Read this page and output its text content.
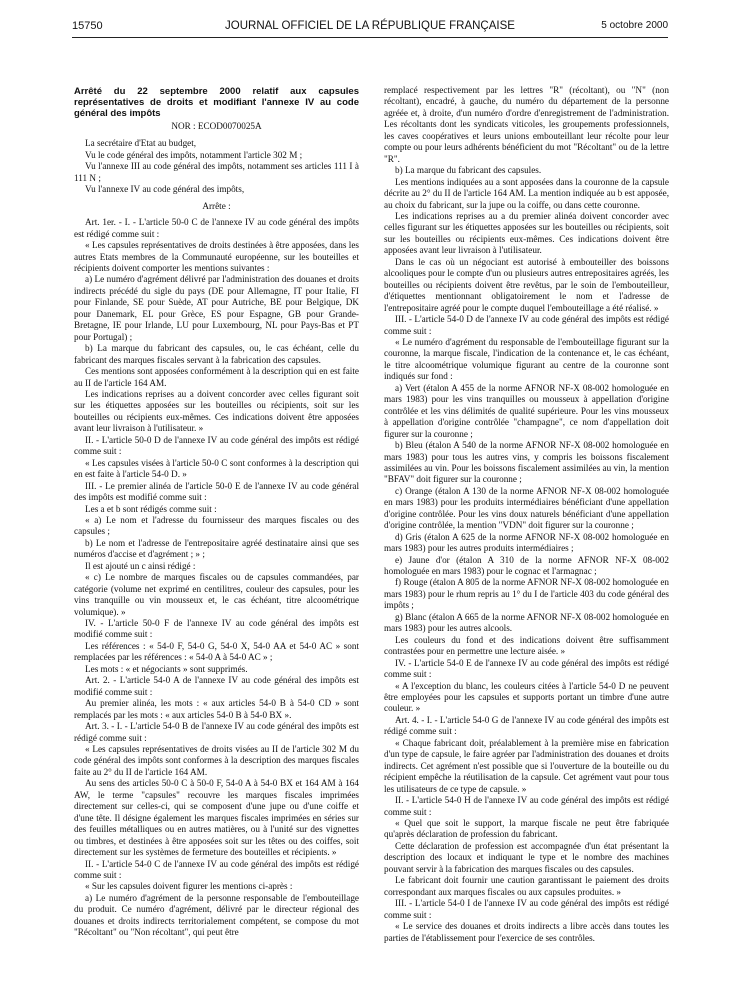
15750	JOURNAL OFFICIEL DE LA RÉPUBLIQUE FRANÇAISE	5 octobre 2000

Arrêté du 22 septembre 2000 relatif aux capsules représentatives de droits et modifiant l'annexe IV au code général des impôts

NOR : ECOD0070025A

La secrétaire d'Etat au budget,

Vu le code général des impôts, notamment l'article 302 M ;

Vu l'annexe III au code général des impôts, notamment ses articles 111 I à 111 N ;

Vu l'annexe IV au code général des impôts,

Arrête :

Art. 1er. - I. - L'article 50-0 C de l'annexe IV au code général des impôts est rédigé comme suit :

« Les capsules représentatives de droits destinées à être apposées, dans les autres Etats membres de la Communauté européenne, sur les bouteilles et récipients doivent comporter les mentions suivantes :

a) Le numéro d'agrément délivré par l'administration des douanes et droits indirects précédé du sigle du pays (DE pour Allemagne, IT pour Italie, FI pour Finlande, SE pour Suède, AT pour Autriche, BE pour Belgique, DK pour Danemark, EL pour Grèce, ES pour Espagne, GB pour Grande-Bretagne, IE pour Irlande, LU pour Luxembourg, NL pour Pays-Bas et PT pour Portugal) ;

b) La marque du fabricant des capsules, ou, le cas échéant, celle du fabricant des marques fiscales servant à la fabrication des capsules.

Ces mentions sont apposées conformément à la description qui en est faite au II de l'article 164 AM.

Les indications reprises au a doivent concorder avec celles figurant soit sur les étiquettes apposées sur les bouteilles ou récipients, soit sur les bouteilles ou récipients eux-mêmes. Ces indications doivent être apposées avant leur livraison à l'utilisateur. »

II. - L'article 50-0 D de l'annexe IV au code général des impôts est rédigé comme suit :

« Les capsules visées à l'article 50-0 C sont conformes à la description qui en est faite à l'article 54-0 D. »

III. - Le premier alinéa de l'article 50-0 E de l'annexe IV au code général des impôts est modifié comme suit :

Les a et b sont rédigés comme suit :

« a) Le nom et l'adresse du fournisseur des marques fiscales ou des capsules ;

b) Le nom et l'adresse de l'entrepositaire agréé destinataire ainsi que ses numéros d'accise et d'agrément ; » ;

Il est ajouté un c ainsi rédigé :

« c) Le nombre de marques fiscales ou de capsules commandées, par catégorie (volume net exprimé en centilitres, couleur des capsules, pour les vins tranquille ou vin mousseux et, le cas échéant, titre alcoométrique volumique). »

IV. - L'article 50-0 F de l'annexe IV au code général des impôts est modifié comme suit :

Les références : « 54-0 F, 54-0 G, 54-0 X, 54-0 AA et 54-0 AC » sont remplacées par les références : « 54-0 A à 54-0 AC » ;

Les mots : « et négociants » sont supprimés.

Art. 2. - L'article 54-0 A de l'annexe IV au code général des impôts est modifié comme suit :

Au premier alinéa, les mots : « aux articles 54-0 B à 54-0 CD » sont remplacés par les mots : « aux articles 54-0 B à 54-0 BX ».

Art. 3. - I. - L'article 54-0 B de l'annexe IV au code général des impôts est rédigé comme suit :

« Les capsules représentatives de droits visées au II de l'article 302 M du code général des impôts sont conformes à la description des marques fiscales faite au 2° du II de l'article 164 AM.

Au sens des articles 50-0 C à 50-0 F, 54-0 A à 54-0 BX et 164 AM à 164 AW, le terme "capsules" recouvre les marques fiscales imprimées directement sur celles-ci, qui se composent d'une jupe ou d'une coiffe et d'une tête. Il désigne également les marques fiscales imprimées en séries sur des feuilles métalliques ou en autres matières, ou à l'unité sur des vignettes ou timbres, et destinées à être apposées soit sur les têtes ou des coiffes, soit directement sur les systèmes de fermeture des bouteilles et récipients. »

II. - L'article 54-0 C de l'annexe IV au code général des impôts est rédigé comme suit :

« Sur les capsules doivent figurer les mentions ci-après :

a) Le numéro d'agrément de la personne responsable de l'embouteillage du produit. Ce numéro d'agrément, délivré par le directeur régional des douanes et droits indirects territorialement compétent, se compose du mot "Récoltant" ou "Non récoltant", qui peut être

remplacé respectivement par les lettres "R" (récoltant), ou "N" (non récoltant), encadré, à gauche, du numéro du département de la personne agréée et, à droite, d'un numéro d'ordre d'enregistrement de l'administration. Les récoltants dont les syndicats viticoles, les groupements professionnels, les caves coopératives et leurs unions embouteillant leur récolte pour leur compte ou pour leurs adhérents bénéficient du mot "Récoltant" ou de la lettre "R".

b) La marque du fabricant des capsules.

Les mentions indiquées au a sont apposées dans la couronne de la capsule décrite au 2° du II de l'article 164 AM. La mention indiquée au b est apposée, au choix du fabricant, sur la jupe ou la coiffe, ou dans cette couronne.

Les indications reprises au a du premier alinéa doivent concorder avec celles figurant sur les étiquettes apposées sur les bouteilles ou récipients, soit sur les bouteilles ou récipients eux-mêmes. Ces indications doivent être apposées avant leur livraison à l'utilisateur.

Dans le cas où un négociant est autorisé à embouteiller des boissons alcooliques pour le compte d'un ou plusieurs autres entrepositaires agréés, les bouteilles ou récipients doivent être revêtus, par le soin de l'embouteilleur, d'étiquettes mentionnant obligatoirement le nom et l'adresse de l'entrepositaire agréé pour le compte duquel l'embouteillage a été réalisé. »

III. - L'article 54-0 D de l'annexe IV au code général des impôts est rédigé comme suit :

« Le numéro d'agrément du responsable de l'embouteillage figurant sur la couronne, la marque fiscale, l'indication de la contenance et, le cas échéant, le titre alcoométrique volumique figurant au centre de la couronne sont indiqués sur fond :

a) Vert (étalon A 455 de la norme AFNOR NF-X 08-002 homologuée en mars 1983) pour les vins tranquilles ou mousseux à appellation d'origine contrôlée et les vins délimités de qualité supérieure. Pour les vins mousseux à appellation d'origine contrôlée "champagne", ce nom d'appellation doit figurer sur la couronne ;

b) Bleu (étalon A 540 de la norme AFNOR NF-X 08-002 homologuée en mars 1983) pour tous les autres vins, y compris les boissons fiscalement assimilées au vin. Pour les boissons fiscalement assimilées au vin, la mention "BFAV" doit figurer sur la couronne ;

c) Orange (étalon A 130 de la norme AFNOR NF-X 08-002 homologuée en mars 1983) pour les produits intermédiaires bénéficiant d'une appellation d'origine contrôlée. Pour les vins doux naturels bénéficiant d'une appellation d'origine contrôlée, la mention "VDN" doit figurer sur la couronne ;

d) Gris (étalon A 625 de la norme AFNOR NF-X 08-002 homologuée en mars 1983) pour les autres produits intermédiaires ;

e) Jaune d'or (étalon A 310 de la norme AFNOR NF-X 08-002 homologuée en mars 1983) pour le cognac et l'armagnac ;

f) Rouge (étalon A 805 de la norme AFNOR NF-X 08-002 homologuée en mars 1983) pour le rhum repris au 1° du I de l'article 403 du code général des impôts ;

g) Blanc (étalon A 665 de la norme AFNOR NF-X 08-002 homologuée en mars 1983) pour les autres alcools.

Les couleurs du fond et des indications doivent être suffisamment contrastées pour en permettre une lecture aisée. »

IV. - L'article 54-0 E de l'annexe IV au code général des impôts est rédigé comme suit :

« A l'exception du blanc, les couleurs citées à l'article 54-0 D ne peuvent être employées pour les capsules et supports portant un timbre d'une autre couleur. »

Art. 4. - I. - L'article 54-0 G de l'annexe IV au code général des impôts est rédigé comme suit :

« Chaque fabricant doit, préalablement à la première mise en fabrication d'un type de capsule, le faire agréer par l'administration des douanes et droits indirects. Cet agrément n'est possible que si l'ouverture de la bouteille ou du récipient empêche la réutilisation de la capsule. Cet agrément vaut pour tous les utilisateurs de ce type de capsule. »

II. - L'article 54-0 H de l'annexe IV au code général des impôts est rédigé comme suit :

« Quel que soit le support, la marque fiscale ne peut être fabriquée qu'après déclaration de profession du fabricant.

Cette déclaration de profession est accompagnée d'un état présentant la description des locaux et indiquant le type et le nombre des machines pouvant servir à la fabrication des marques fiscales ou des capsules.

Le fabricant doit fournir une caution garantissant le paiement des droits correspondant aux marques fiscales ou aux capsules produites. »

III. - L'article 54-0 I de l'annexe IV au code général des impôts est rédigé comme suit :

« Le service des douanes et droits indirects a libre accès dans toutes les parties de l'établissement pour l'exercice de ses contrôles.
